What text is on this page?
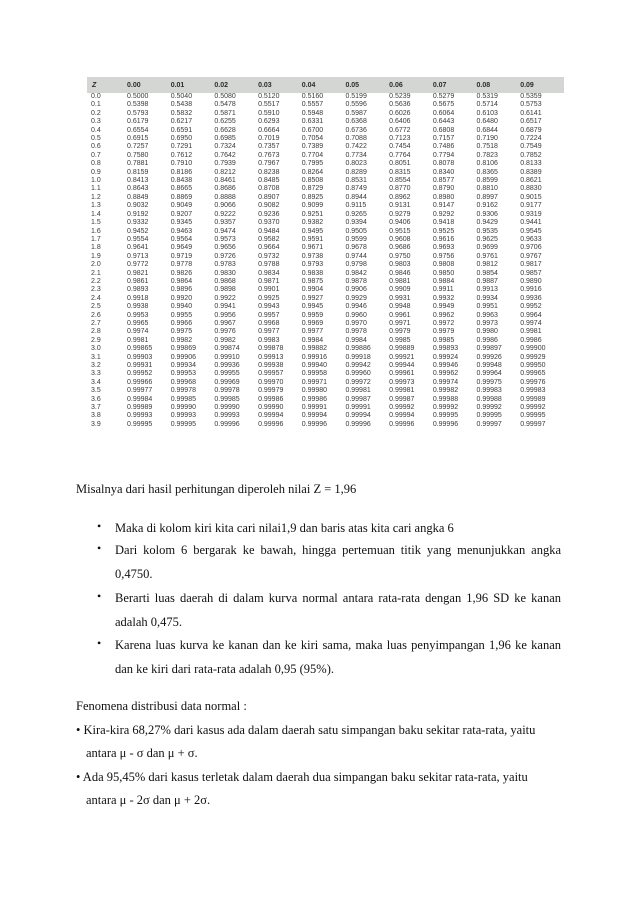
Z	0.00	0.01	0.02	0.03	0.04	0.05	0.06	0.07	0.08	0.09
0.0	0.5000	0.5040	0.5080	0.5120	0.5160	0.5199	0.5239	0.5279	0.5319	0.5359
0.1	0.5398	0.5438	0.5478	0.5517	0.5557	0.5596	0.5636	0.5675	0.5714	0.5753
0.2	0.5793	0.5832	0.5871	0.5910	0.5948	0.5987	0.6026	0.6064	0.6103	0.6141
0.3	0.6179	0.6217	0.6255	0.6293	0.6331	0.6368	0.6406	0.6443	0.6480	0.6517
0.4	0.6554	0.6591	0.6628	0.6664	0.6700	0.6736	0.6772	0.6808	0.6844	0.6879
0.5	0.6915	0.6950	0.6985	0.7019	0.7054	0.7088	0.7123	0.7157	0.7190	0.7224
0.6	0.7257	0.7291	0.7324	0.7357	0.7389	0.7422	0.7454	0.7486	0.7518	0.7549
0.7	0.7580	0.7612	0.7642	0.7673	0.7704	0.7734	0.7764	0.7794	0.7823	0.7852
0.8	0.7881	0.7910	0.7939	0.7967	0.7995	0.8023	0.8051	0.8078	0.8106	0.8133
0.9	0.8159	0.8186	0.8212	0.8238	0.8264	0.8289	0.8315	0.8340	0.8365	0.8389
1.0	0.8413	0.8438	0.8461	0.8485	0.8508	0.8531	0.8554	0.8577	0.8599	0.8621
1.1	0.8643	0.8665	0.8686	0.8708	0.8729	0.8749	0.8770	0.8790	0.8810	0.8830
1.2	0.8849	0.8869	0.8888	0.8907	0.8925	0.8944	0.8962	0.8980	0.8997	0.9015
1.3	0.9032	0.9049	0.9066	0.9082	0.9099	0.9115	0.9131	0.9147	0.9162	0.9177
1.4	0.9192	0.9207	0.9222	0.9236	0.9251	0.9265	0.9279	0.9292	0.9306	0.9319
1.5	0.9332	0.9345	0.9357	0.9370	0.9382	0.9394	0.9406	0.9418	0.9429	0.9441
1.6	0.9452	0.9463	0.9474	0.9484	0.9495	0.9505	0.9515	0.9525	0.9535	0.9545
1.7	0.9554	0.9564	0.9573	0.9582	0.9591	0.9599	0.9608	0.9616	0.9625	0.9633
1.8	0.9641	0.9649	0.9656	0.9664	0.9671	0.9678	0.9686	0.9693	0.9699	0.9706
1.9	0.9713	0.9719	0.9726	0.9732	0.9738	0.9744	0.9750	0.9756	0.9761	0.9767
2.0	0.9772	0.9778	0.9783	0.9788	0.9793	0.9798	0.9803	0.9808	0.9812	0.9817
2.1	0.9821	0.9826	0.9830	0.9834	0.9838	0.9842	0.9846	0.9850	0.9854	0.9857
2.2	0.9861	0.9864	0.9868	0.9871	0.9875	0.9878	0.9881	0.9884	0.9887	0.9890
2.3	0.9893	0.9896	0.9898	0.9901	0.9904	0.9906	0.9909	0.9911	0.9913	0.9916
2.4	0.9918	0.9920	0.9922	0.9925	0.9927	0.9929	0.9931	0.9932	0.9934	0.9936
2.5	0.9938	0.9940	0.9941	0.9943	0.9945	0.9946	0.9948	0.9949	0.9951	0.9952
2.6	0.9953	0.9955	0.9956	0.9957	0.9959	0.9960	0.9961	0.9962	0.9963	0.9964
2.7	0.9965	0.9966	0.9967	0.9968	0.9969	0.9970	0.9971	0.9972	0.9973	0.9974
2.8	0.9974	0.9975	0.9976	0.9977	0.9977	0.9978	0.9979	0.9979	0.9980	0.9981
2.9	0.9981	0.9982	0.9982	0.9983	0.9984	0.9984	0.9985	0.9985	0.9986	0.9986
3.0	0.99865	0.99869	0.99874	0.99878	0.99882	0.99886	0.99889	0.99893	0.99897	0.99900
3.1	0.99903	0.99906	0.99910	0.99913	0.99916	0.99918	0.99921	0.99924	0.99926	0.99929
3.2	0.99931	0.99934	0.99936	0.99938	0.99940	0.99942	0.99944	0.99946	0.99948	0.99950
3.3	0.99952	0.99953	0.99955	0.99957	0.99958	0.99960	0.99961	0.99962	0.99964	0.99965
3.4	0.99966	0.99968	0.99969	0.99970	0.99971	0.99972	0.99973	0.99974	0.99975	0.99976
3.5	0.99977	0.99978	0.99978	0.99979	0.99980	0.99981	0.99981	0.99982	0.99983	0.99983
3.6	0.99984	0.99985	0.99985	0.99986	0.99986	0.99987	0.99987	0.99988	0.99988	0.99989
3.7	0.99989	0.99990	0.99990	0.99990	0.99991	0.99991	0.99992	0.99992	0.99992	0.99992
3.8	0.99993	0.99993	0.99993	0.99994	0.99994	0.99994	0.99994	0.99995	0.99995	0.99995
3.9	0.99995	0.99995	0.99996	0.99996	0.99996	0.99996	0.99996	0.99996	0.99997	0.99997
Misalnya dari hasil perhitungan diperoleh nilai Z = 1,96
• Maka di kolom kiri kita cari nilai1,9 dan baris atas kita cari angka 6
• Dari kolom 6 bergarak ke bawah, hingga pertemuan titik yang menunjukkan angka
0,4750.
• Berarti luas daerah di dalam kurva normal antara rata-rata dengan 1,96 SD ke kanan
adalah 0,475.
• Karena luas kurva ke kanan dan ke kiri sama, maka luas penyimpangan 1,96 ke kanan
dan ke kiri dari rata-rata adalah 0,95 (95%).
Fenomena distribusi data normal :
• Kira-kira 68,27% dari kasus ada dalam daerah satu simpangan baku sekitar rata-rata, yaitu
antara μ - σ dan μ + σ.
• Ada 95,45% dari kasus terletak dalam daerah dua simpangan baku sekitar rata-rata, yaitu
antara μ - 2σ dan μ + 2σ.
